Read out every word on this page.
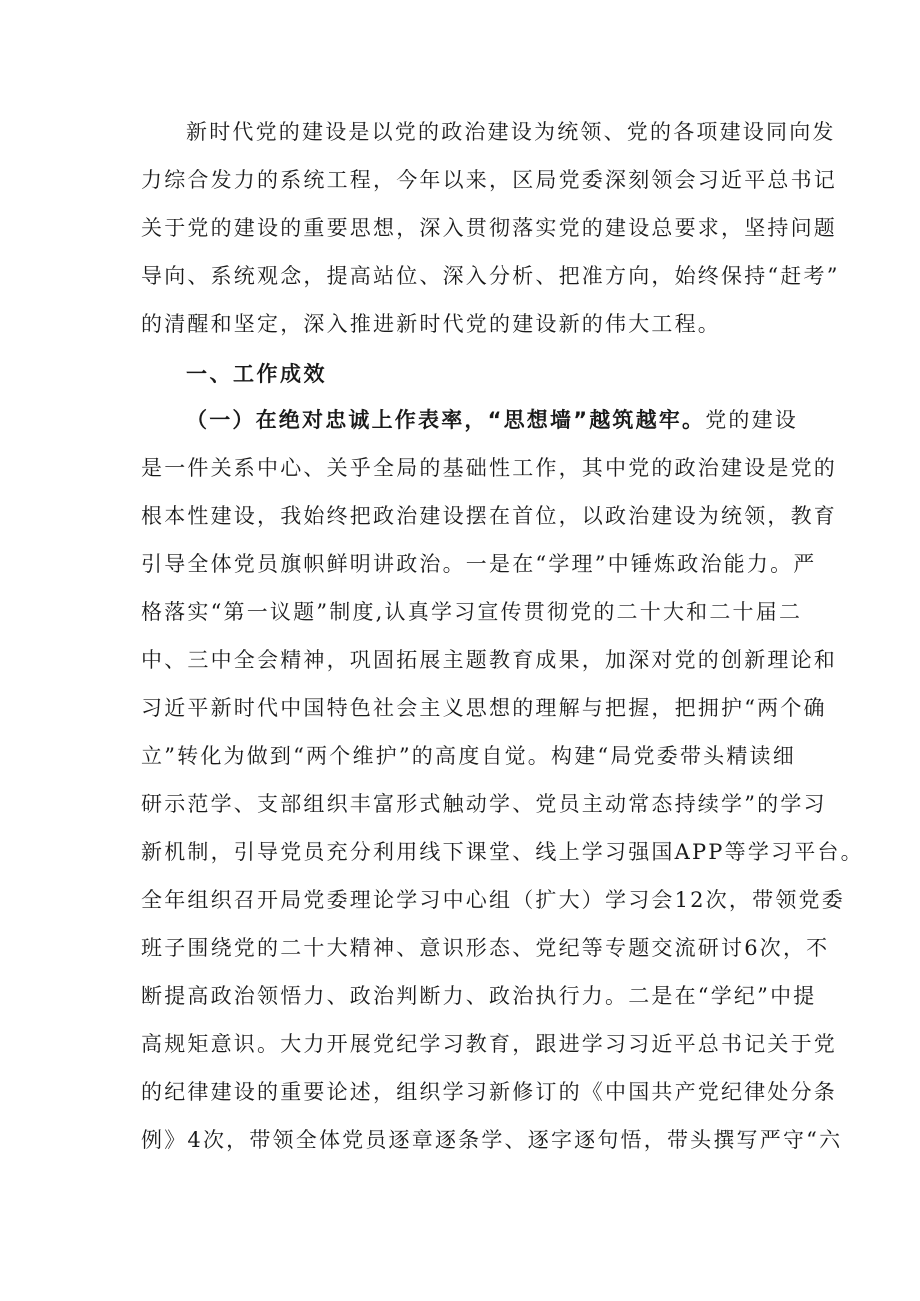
新时代党的建设是以党的政治建设为统领、党的各项建设同向发
力综合发力的系统工程，今年以来，区局党委深刻领会习近平总书记
关于党的建设的重要思想，深入贯彻落实党的建设总要求，坚持问题
导向、系统观念，提高站位、深入分析、把准方向，始终保持“赶考”
的清醒和坚定，深入推进新时代党的建设新的伟大工程。
一、工作成效
（一）在绝对忠诚上作表率，“思想墙”越筑越牢。党的建设
是一件关系中心、关乎全局的基础性工作，其中党的政治建设是党的
根本性建设，我始终把政治建设摆在首位，以政治建设为统领，教育
引导全体党员旗帜鲜明讲政治。一是在“学理”中锤炼政治能力。严
格落实“第一议题”制度,认真学习宣传贯彻党的二十大和二十届二
中、三中全会精神，巩固拓展主题教育成果，加深对党的创新理论和
习近平新时代中国特色社会主义思想的理解与把握，把拥护“两个确
立”转化为做到“两个维护”的高度自觉。构建“局党委带头精读细
研示范学、支部组织丰富形式触动学、党员主动常态持续学”的学习
新机制，引导党员充分利用线下课堂、线上学习强国APP等学习平台。
全年组织召开局党委理论学习中心组（扩大）学习会12次，带领党委
班子围绕党的二十大精神、意识形态、党纪等专题交流研讨6次，不
断提高政治领悟力、政治判断力、政治执行力。二是在“学纪”中提
高规矩意识。大力开展党纪学习教育，跟进学习习近平总书记关于党
的纪律建设的重要论述，组织学习新修订的《中国共产党纪律处分条
例》4次，带领全体党员逐章逐条学、逐字逐句悟，带头撰写严守“六
